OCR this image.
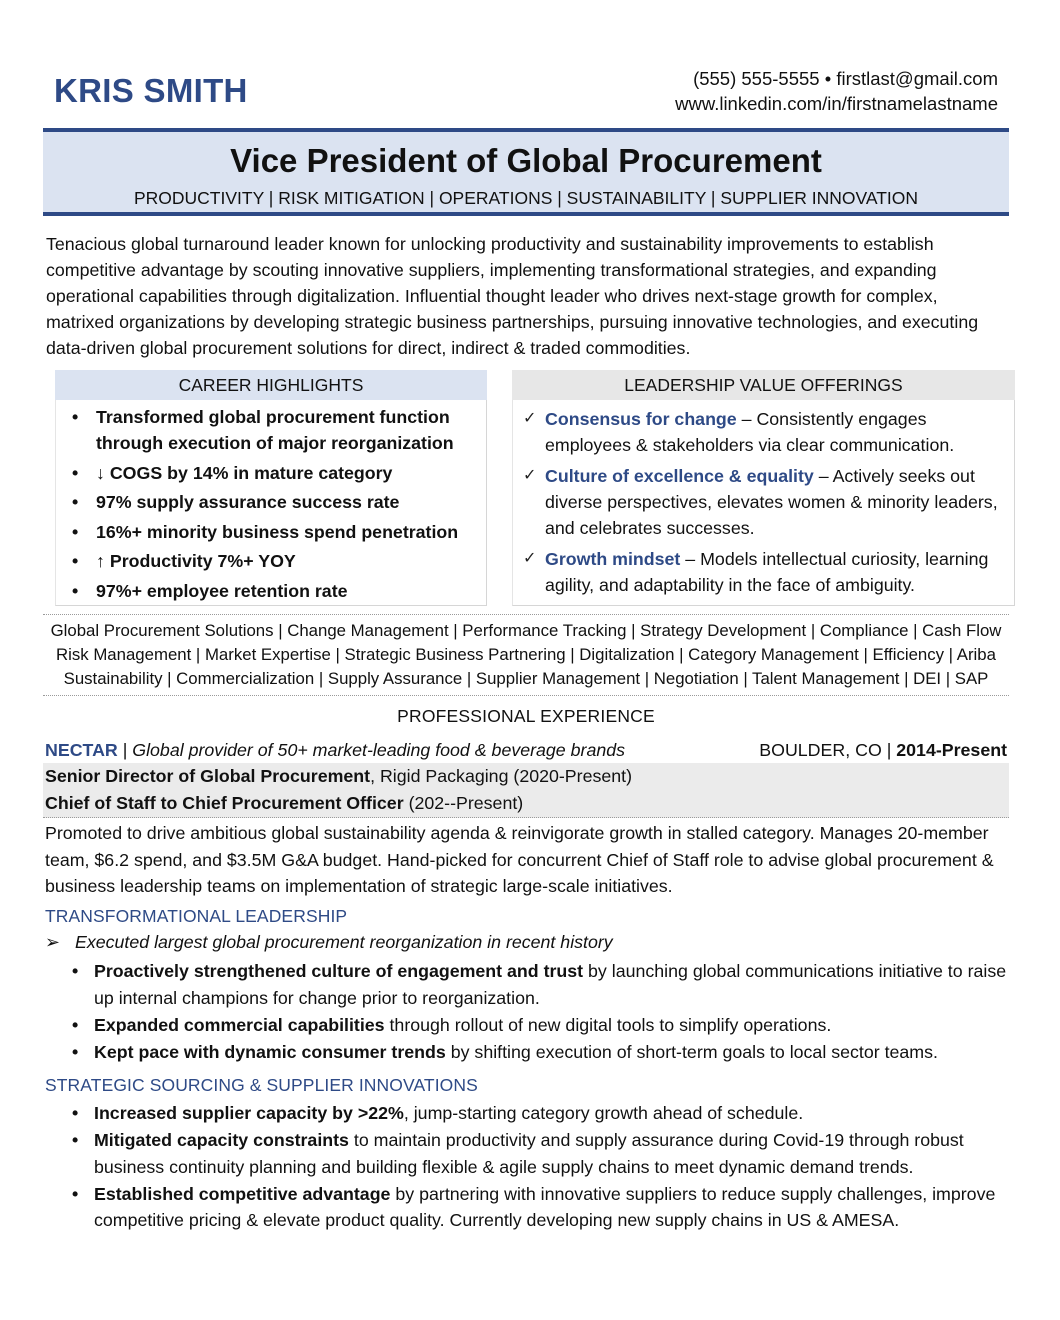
KRIS SMITH	(555) 555-5555 • firstlast@gmail.com
www.linkedin.com/in/firstnamelastname
Vice President of Global Procurement
PRODUCTIVITY | RISK MITIGATION | OPERATIONS | SUSTAINABILITY | SUPPLIER INNOVATION
Tenacious global turnaround leader known for unlocking productivity and sustainability improvements to establish competitive advantage by scouting innovative suppliers, implementing transformational strategies, and expanding operational capabilities through digitalization. Influential thought leader who drives next-stage growth for complex, matrixed organizations by developing strategic business partnerships, pursuing innovative technologies, and executing data-driven global procurement solutions for direct, indirect & traded commodities.
CAREER HIGHLIGHTS
• Transformed global procurement function through execution of major reorganization
• ↓ COGS by 14% in mature category
• 97% supply assurance success rate
• 16%+ minority business spend penetration
• ↑ Productivity 7%+ YOY
• 97%+ employee retention rate
LEADERSHIP VALUE OFFERINGS
✓ Consensus for change – Consistently engages employees & stakeholders via clear communication.
✓ Culture of excellence & equality – Actively seeks out diverse perspectives, elevates women & minority leaders, and celebrates successes.
✓ Growth mindset – Models intellectual curiosity, learning agility, and adaptability in the face of ambiguity.
Global Procurement Solutions | Change Management | Performance Tracking | Strategy Development | Compliance | Cash Flow
Risk Management | Market Expertise | Strategic Business Partnering | Digitalization | Category Management | Efficiency | Ariba
Sustainability | Commercialization | Supply Assurance | Supplier Management | Negotiation | Talent Management | DEI | SAP
PROFESSIONAL EXPERIENCE
NECTAR | Global provider of 50+ market-leading food & beverage brands	BOULDER, CO | 2014-Present
Senior Director of Global Procurement, Rigid Packaging (2020-Present)
Chief of Staff to Chief Procurement Officer (202--Present)
Promoted to drive ambitious global sustainability agenda & reinvigorate growth in stalled category. Manages 20-member team, $6.2 spend, and $3.5M G&A budget. Hand-picked for concurrent Chief of Staff role to advise global procurement & business leadership teams on implementation of strategic large-scale initiatives.
TRANSFORMATIONAL LEADERSHIP
➢ Executed largest global procurement reorganization in recent history
• Proactively strengthened culture of engagement and trust by launching global communications initiative to raise up internal champions for change prior to reorganization.
• Expanded commercial capabilities through rollout of new digital tools to simplify operations.
• Kept pace with dynamic consumer trends by shifting execution of short-term goals to local sector teams.
STRATEGIC SOURCING & SUPPLIER INNOVATIONS
• Increased supplier capacity by >22%, jump-starting category growth ahead of schedule.
• Mitigated capacity constraints to maintain productivity and supply assurance during Covid-19 through robust business continuity planning and building flexible & agile supply chains to meet dynamic demand trends.
• Established competitive advantage by partnering with innovative suppliers to reduce supply challenges, improve competitive pricing & elevate product quality. Currently developing new supply chains in US & AMESA.
